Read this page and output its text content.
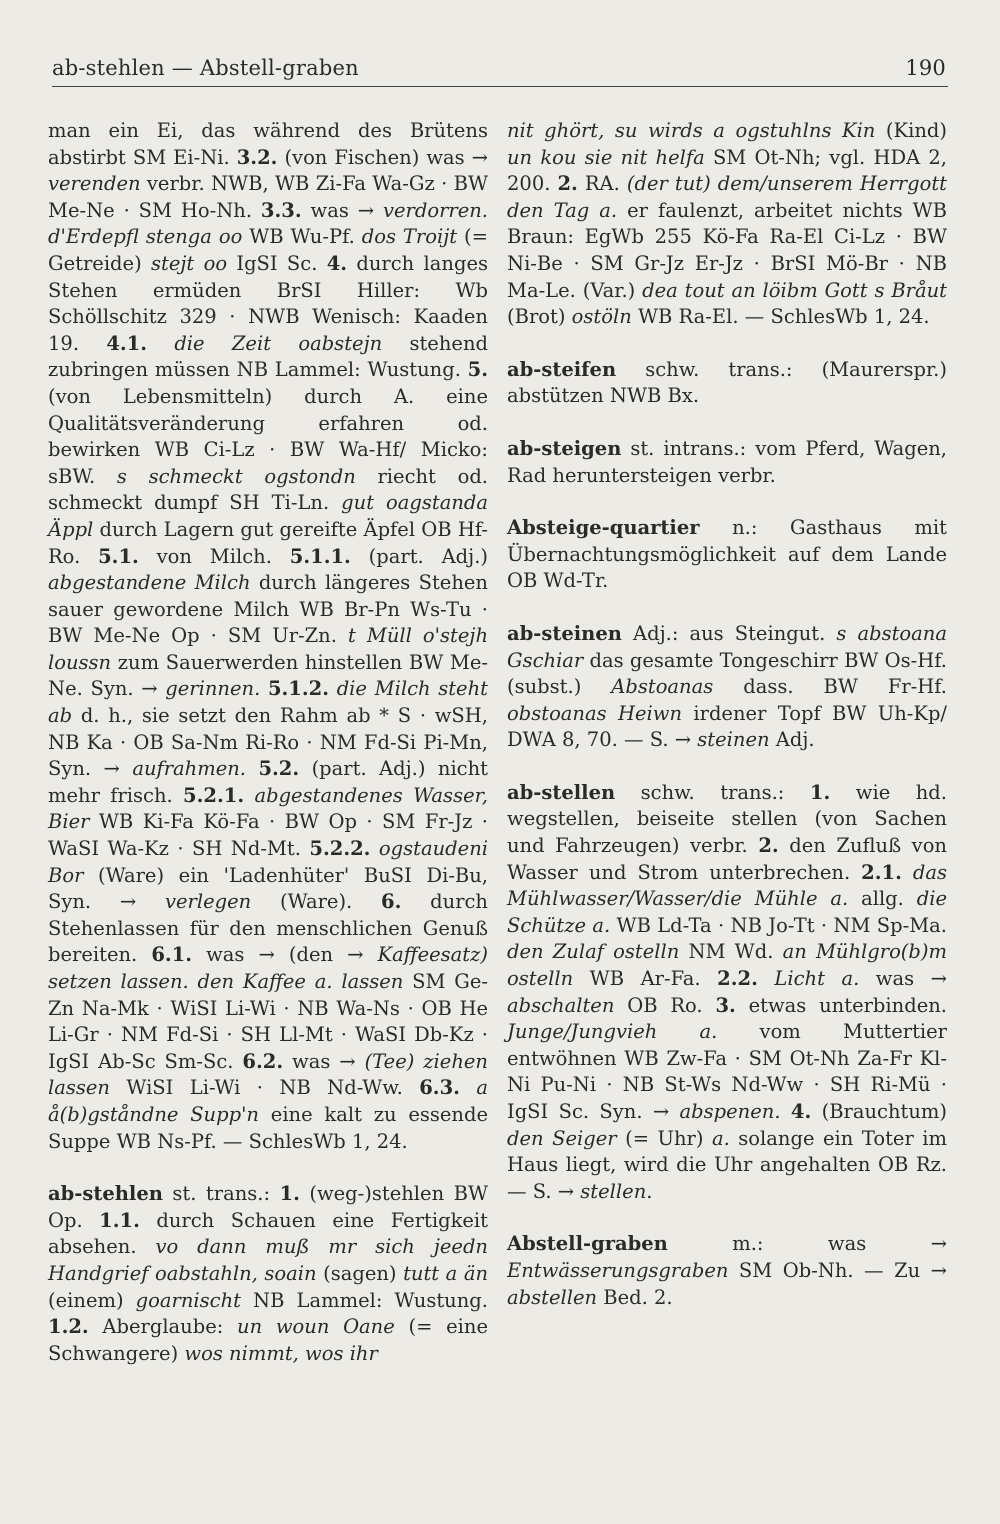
ab-stehlen — Abstell-graben	190

man ein Ei, das während des Brütens abstirbt SM Ei-Ni. 3.2. (von Fischen) was → verenden verbr. NWB, WB Zi-Fa Wa-Gz · BW Me-Ne · SM Ho-Nh. 3.3. was → verdorren. d'Erdepfl stenga oo WB Wu-Pf. dos Troijt (= Getreide) stejt oo IgSI Sc. 4. durch langes Stehen ermüden BrSI Hiller: Wb Schöllschitz 329 · NWB Wenisch: Kaaden 19. 4.1. die Zeit oabstejn stehend zubringen müssen NB Lammel: Wustung. 5. (von Lebensmitteln) durch A. eine Qualitätsveränderung erfahren od. bewirken WB Ci-Lz · BW Wa-Hf/ Micko: sBW. s schmeckt ogstondn riecht od. schmeckt dumpf SH Ti-Ln. gut oagstanda Äppl durch Lagern gut gereifte Äpfel OB Hf-Ro. 5.1. von Milch. 5.1.1. (part. Adj.) abgestandene Milch durch längeres Stehen sauer gewordene Milch WB Br-Pn Ws-Tu · BW Me-Ne Op · SM Ur-Zn. t Müll o'stejh loussn zum Sauerwerden hinstellen BW Me-Ne. Syn. → gerinnen. 5.1.2. die Milch steht ab d. h., sie setzt den Rahm ab * S · wSH, NB Ka · OB Sa-Nm Ri-Ro · NM Fd-Si Pi-Mn, Syn. → aufrahmen. 5.2. (part. Adj.) nicht mehr frisch. 5.2.1. abgestandenes Wasser, Bier WB Ki-Fa Kö-Fa · BW Op · SM Fr-Jz · WaSI Wa-Kz · SH Nd-Mt. 5.2.2. ogstaudeni Bor (Ware) ein 'Ladenhüter' BuSI Di-Bu, Syn. → verlegen (Ware). 6. durch Stehenlassen für den menschlichen Genuß bereiten. 6.1. was → (den → Kaffeesatz) setzen lassen. den Kaffee a. lassen SM Ge-Zn Na-Mk · WiSI Li-Wi · NB Wa-Ns · OB He Li-Gr · NM Fd-Si · SH Ll-Mt · WaSI Db-Kz · IgSI Ab-Sc Sm-Sc. 6.2. was → (Tee) ziehen lassen WiSI Li-Wi · NB Nd-Ww. 6.3. a å(b)gståndne Supp'n eine kalt zu essende Suppe WB Ns-Pf. — SchlesWb 1, 24.

ab-stehlen st. trans.: 1. (weg-)stehlen BW Op. 1.1. durch Schauen eine Fertigkeit absehen. vo dann muß mr sich jeedn Handgrief oabstahln, soain (sagen) tutt a än (einem) goarnischt NB Lammel: Wustung. 1.2. Aberglaube: un woun Oane (= eine Schwangere) wos nimmt, wos ihr

nit ghört, su wirds a ogstuhlns Kin (Kind) un kou sie nit helfa SM Ot-Nh; vgl. HDA 2, 200. 2. RA. (der tut) dem/unserem Herrgott den Tag a. er faulenzt, arbeitet nichts WB Braun: EgWb 255 Kö-Fa Ra-El Ci-Lz · BW Ni-Be · SM Gr-Jz Er-Jz · BrSI Mö-Br · NB Ma-Le. (Var.) dea tout an löibm Gott s Bråut (Brot) ostöln WB Ra-El. — SchlesWb 1, 24.

ab-steifen schw. trans.: (Maurerspr.) abstützen NWB Bx.

ab-steigen st. intrans.: vom Pferd, Wagen, Rad heruntersteigen verbr.

Absteige-quartier n.: Gasthaus mit Übernachtungsmöglichkeit auf dem Lande OB Wd-Tr.

ab-steinen Adj.: aus Steingut. s abstoana Gschiar das gesamte Tongeschirr BW Os-Hf. (subst.) Abstoanas dass. BW Fr-Hf. obstoanas Heiwn irdener Topf BW Uh-Kp/ DWA 8, 70. — S. → steinen Adj.

ab-stellen schw. trans.: 1. wie hd. wegstellen, beiseite stellen (von Sachen und Fahrzeugen) verbr. 2. den Zufluß von Wasser und Strom unterbrechen. 2.1. das Mühlwasser/Wasser/die Mühle a. allg. die Schütze a. WB Ld-Ta · NB Jo-Tt · NM Sp-Ma. den Zulaf ostelln NM Wd. an Mühlgro(b)m ostelln WB Ar-Fa. 2.2. Licht a. was → abschalten OB Ro. 3. etwas unterbinden. Junge/Jungvieh a. vom Muttertier entwöhnen WB Zw-Fa · SM Ot-Nh Za-Fr Kl-Ni Pu-Ni · NB St-Ws Nd-Ww · SH Ri-Mü · IgSI Sc. Syn. → abspenen. 4. (Brauchtum) den Seiger (= Uhr) a. solange ein Toter im Haus liegt, wird die Uhr angehalten OB Rz. — S. → stellen.

Abstell-graben m.: was → Entwässerungsgraben SM Ob-Nh. — Zu → abstellen Bed. 2.
